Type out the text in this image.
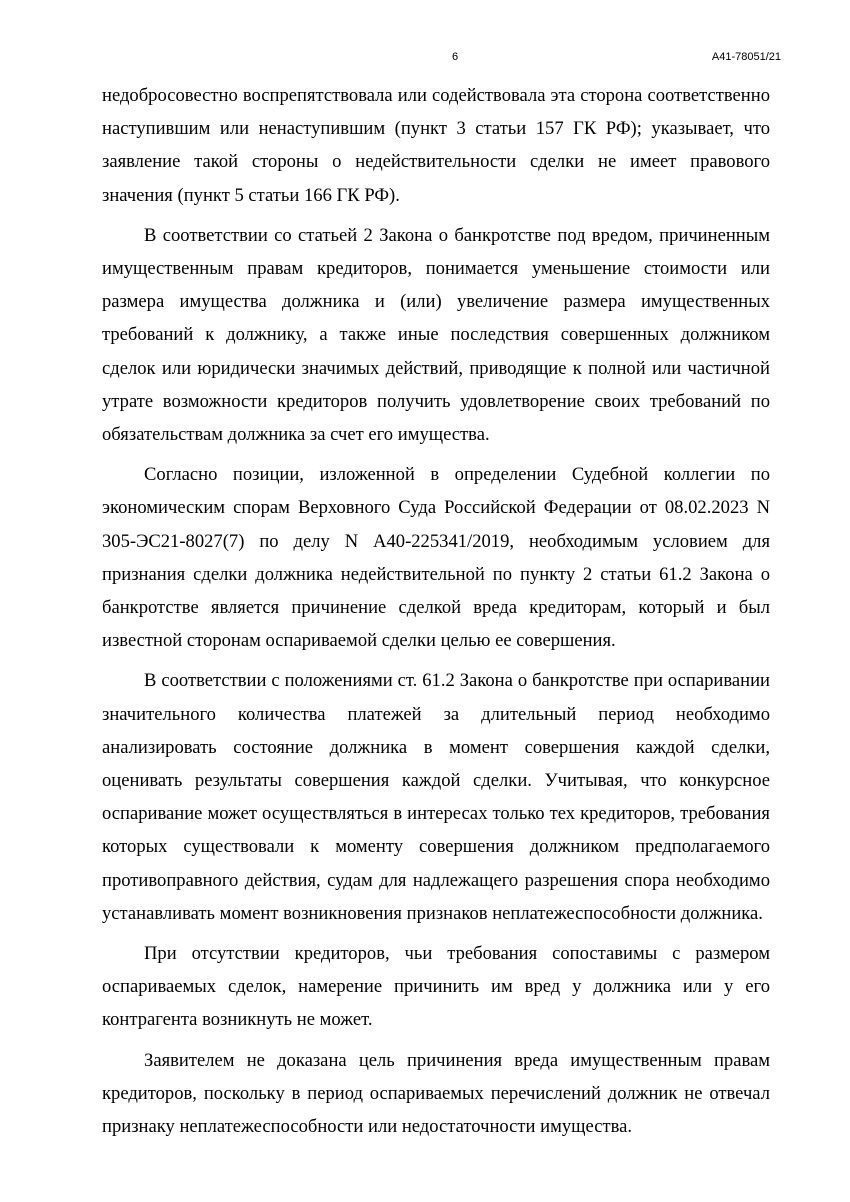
6	А41-78051/21

недобросовестно воспрепятствовала или содействовала эта сторона соответственно наступившим или ненаступившим (пункт 3 статьи 157 ГК РФ); указывает, что заявление такой стороны о недействительности сделки не имеет правового значения (пункт 5 статьи 166 ГК РФ).

В соответствии со статьей 2 Закона о банкротстве под вредом, причиненным имущественным правам кредиторов, понимается уменьшение стоимости или размера имущества должника и (или) увеличение размера имущественных требований к должнику, а также иные последствия совершенных должником сделок или юридически значимых действий, приводящие к полной или частичной утрате возможности кредиторов получить удовлетворение своих требований по обязательствам должника за счет его имущества.

Согласно позиции, изложенной в определении Судебной коллегии по экономическим спорам Верховного Суда Российской Федерации от 08.02.2023 N 305-ЭС21-8027(7) по делу N А40-225341/2019, необходимым условием для признания сделки должника недействительной по пункту 2 статьи 61.2 Закона о банкротстве является причинение сделкой вреда кредиторам, который и был известной сторонам оспариваемой сделки целью ее совершения.

В соответствии с положениями ст. 61.2 Закона о банкротстве при оспаривании значительного количества платежей за длительный период необходимо анализировать состояние должника в момент совершения каждой сделки, оценивать результаты совершения каждой сделки. Учитывая, что конкурсное оспаривание может осуществляться в интересах только тех кредиторов, требования которых существовали к моменту совершения должником предполагаемого противоправного действия, судам для надлежащего разрешения спора необходимо устанавливать момент возникновения признаков неплатежеспособности должника.

При отсутствии кредиторов, чьи требования сопоставимы с размером оспариваемых сделок, намерение причинить им вред у должника или у его контрагента возникнуть не может.

Заявителем не доказана цель причинения вреда имущественным правам кредиторов, поскольку в период оспариваемых перечислений должник не отвечал признаку неплатежеспособности или недостаточности имущества.
